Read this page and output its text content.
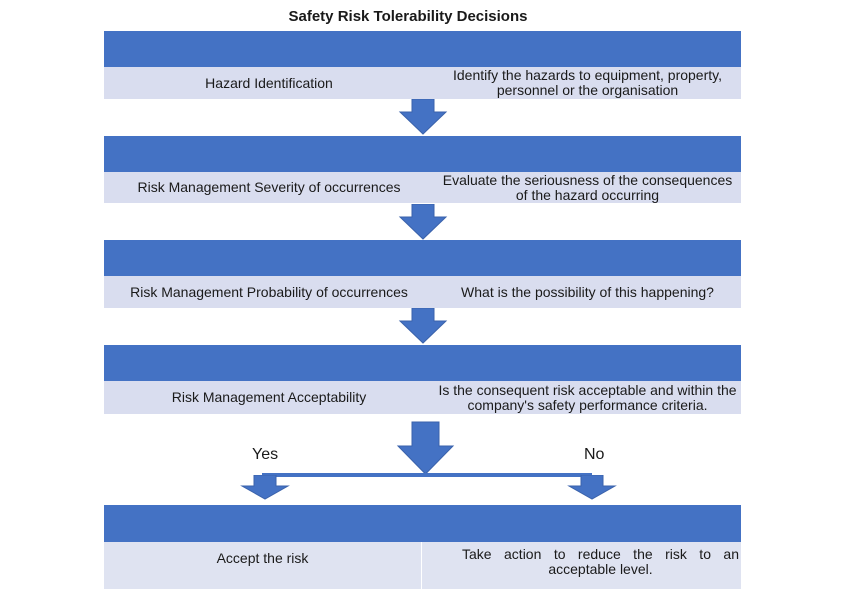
Safety Risk Tolerability Decisions
Hazard Identification	Identify the hazards to equipment, property, personnel or the organisation
Risk Management Severity of occurrences	Evaluate the seriousness of the consequences of the hazard occurring
Risk Management Probability of occurrences	What is the possibility of this happening?
Risk Management Acceptability	Is the consequent risk acceptable and within the company's safety performance criteria.
Yes	No
Accept the risk	Take action to reduce the risk to an acceptable level.
